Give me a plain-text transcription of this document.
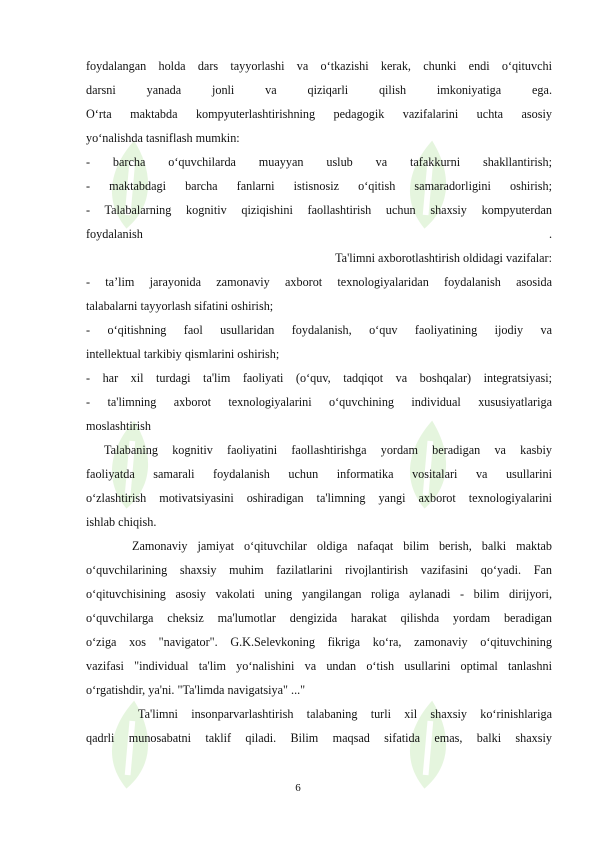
foydalangan holda dars tayyorlashi va o‘tkazishi kerak, chunki endi o‘qituvchi
darsni yanada jonli va qiziqarli qilish imkoniyatiga ega.
O‘rta maktabda kompyuterlashtirishning pedagogik vazifalarini uchta asosiy
yo‘nalishda tasniflash mumkin:
- barcha o‘quvchilarda muayyan uslub va tafakkurni shakllantirish;
- maktabdagi barcha fanlarni istisnosiz o‘qitish samaradorligini oshirish;
- Talabalarning kognitiv qiziqishini faollashtirish uchun shaxsiy kompyuterdan
foydalanish	.
Ta'limni axborotlashtirish oldidagi vazifalar:
- ta’lim jarayonida zamonaviy axborot texnologiyalaridan foydalanish asosida
talabalarni tayyorlash sifatini oshirish;
- o‘qitishning faol usullaridan foydalanish, o‘quv faoliyatining ijodiy va
intellektual tarkibiy qismlarini oshirish;
- har xil turdagi ta'lim faoliyati (o‘quv, tadqiqot va boshqalar) integratsiyasi;
- ta'limning axborot texnologiyalarini o‘quvchining individual xususiyatlariga
moslashtirish
Talabaning kognitiv faoliyatini faollashtirishga yordam beradigan va kasbiy
faoliyatda samarali foydalanish uchun informatika vositalari va usullarini
o‘zlashtirish motivatsiyasini oshiradigan ta'limning yangi axborot texnologiyalarini
ishlab chiqish.
Zamonaviy jamiyat o‘qituvchilar oldiga nafaqat bilim berish, balki maktab
o‘quvchilarining shaxsiy muhim fazilatlarini rivojlantirish vazifasini qo‘yadi. Fan
o‘qituvchisining asosiy vakolati uning yangilangan roliga aylanadi - bilim dirijyori,
o‘quvchilarga cheksiz ma'lumotlar dengizida harakat qilishda yordam beradigan
o‘ziga xos "navigator". G.K.Selevkoning fikriga ko‘ra, zamonaviy o‘qituvchining
vazifasi "individual ta'lim yo‘nalishini va undan o‘tish usullarini optimal tanlashni
o‘rgatishdir, ya'ni. "Ta'limda navigatsiya" ..."
Ta'limni insonparvarlashtirish talabaning turli xil shaxsiy ko‘rinishlariga
qadrli munosabatni taklif qiladi. Bilim maqsad sifatida emas, balki shaxsiy
6
